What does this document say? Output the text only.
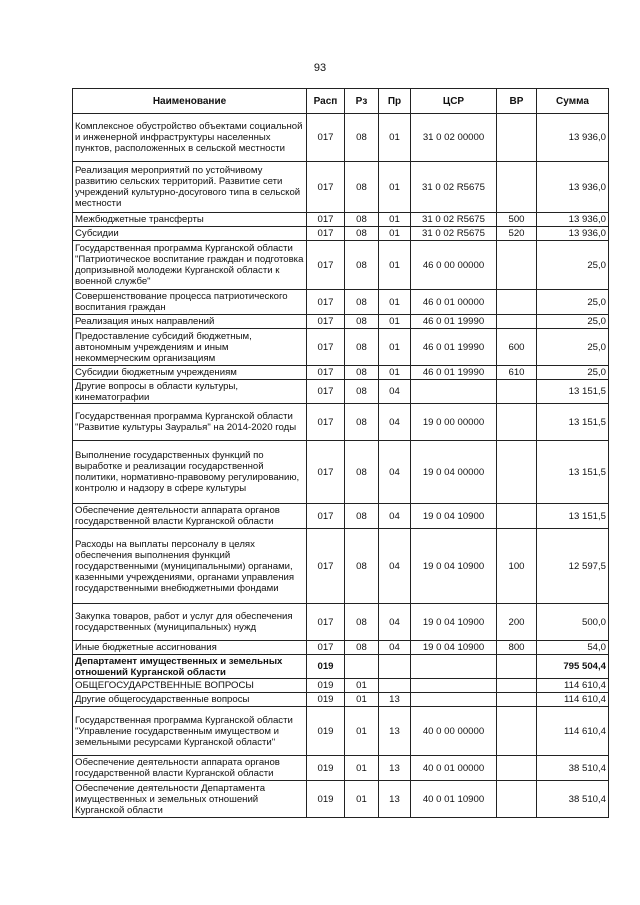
93
Наименование	Расп	Рз	Пр	ЦСР	ВР	Сумма
Комплексное обустройство объектами социальной и инженерной инфраструктуры населенных пунктов, расположенных в сельской местности	017	08	01	31 0 02 00000		13 936,0
Реализация мероприятий по устойчивому развитию сельских территорий. Развитие сети учреждений культурно-досугового типа в сельской местности	017	08	01	31 0 02 R5675		13 936,0
Межбюджетные трансферты	017	08	01	31 0 02 R5675	500	13 936,0
Субсидии	017	08	01	31 0 02 R5675	520	13 936,0
Государственная программа Курганской области "Патриотическое воспитание граждан и подготовка допризывной молодежи Курганской области к военной службе"	017	08	01	46 0 00 00000		25,0
Совершенствование процесса патриотического воспитания граждан	017	08	01	46 0 01 00000		25,0
Реализация иных направлений	017	08	01	46 0 01 19990		25,0
Предоставление субсидий бюджетным, автономным учреждениям и иным некоммерческим организациям	017	08	01	46 0 01 19990	600	25,0
Субсидии бюджетным учреждениям	017	08	01	46 0 01 19990	610	25,0
Другие вопросы в области культуры, кинематографии	017	08	04			13 151,5
Государственная программа Курганской области "Развитие культуры Зауралья" на 2014-2020 годы	017	08	04	19 0 00 00000		13 151,5
Выполнение государственных функций по выработке и реализации государственной политики, нормативно-правовому регулированию, контролю и надзору в сфере культуры	017	08	04	19 0 04 00000		13 151,5
Обеспечение деятельности аппарата органов государственной власти Курганской области	017	08	04	19 0 04 10900		13 151,5
Расходы на выплаты персоналу в целях обеспечения выполнения функций государственными (муниципальными) органами, казенными учреждениями, органами управления государственными внебюджетными фондами	017	08	04	19 0 04 10900	100	12 597,5
Закупка товаров, работ и услуг для обеспечения государственных (муниципальных) нужд	017	08	04	19 0 04 10900	200	500,0
Иные бюджетные ассигнования	017	08	04	19 0 04 10900	800	54,0
Департамент имущественных и земельных отношений Курганской области	019					795 504,4
ОБЩЕГОСУДАРСТВЕННЫЕ ВОПРОСЫ	019	01				114 610,4
Другие общегосударственные вопросы	019	01	13			114 610,4
Государственная программа Курганской области "Управление государственным имуществом и земельными ресурсами Курганской области"	019	01	13	40 0 00 00000		114 610,4
Обеспечение деятельности аппарата органов государственной власти Курганской области	019	01	13	40 0 01 00000		38 510,4
Обеспечение деятельности Департамента имущественных и земельных отношений Курганской области	019	01	13	40 0 01 10900		38 510,4
